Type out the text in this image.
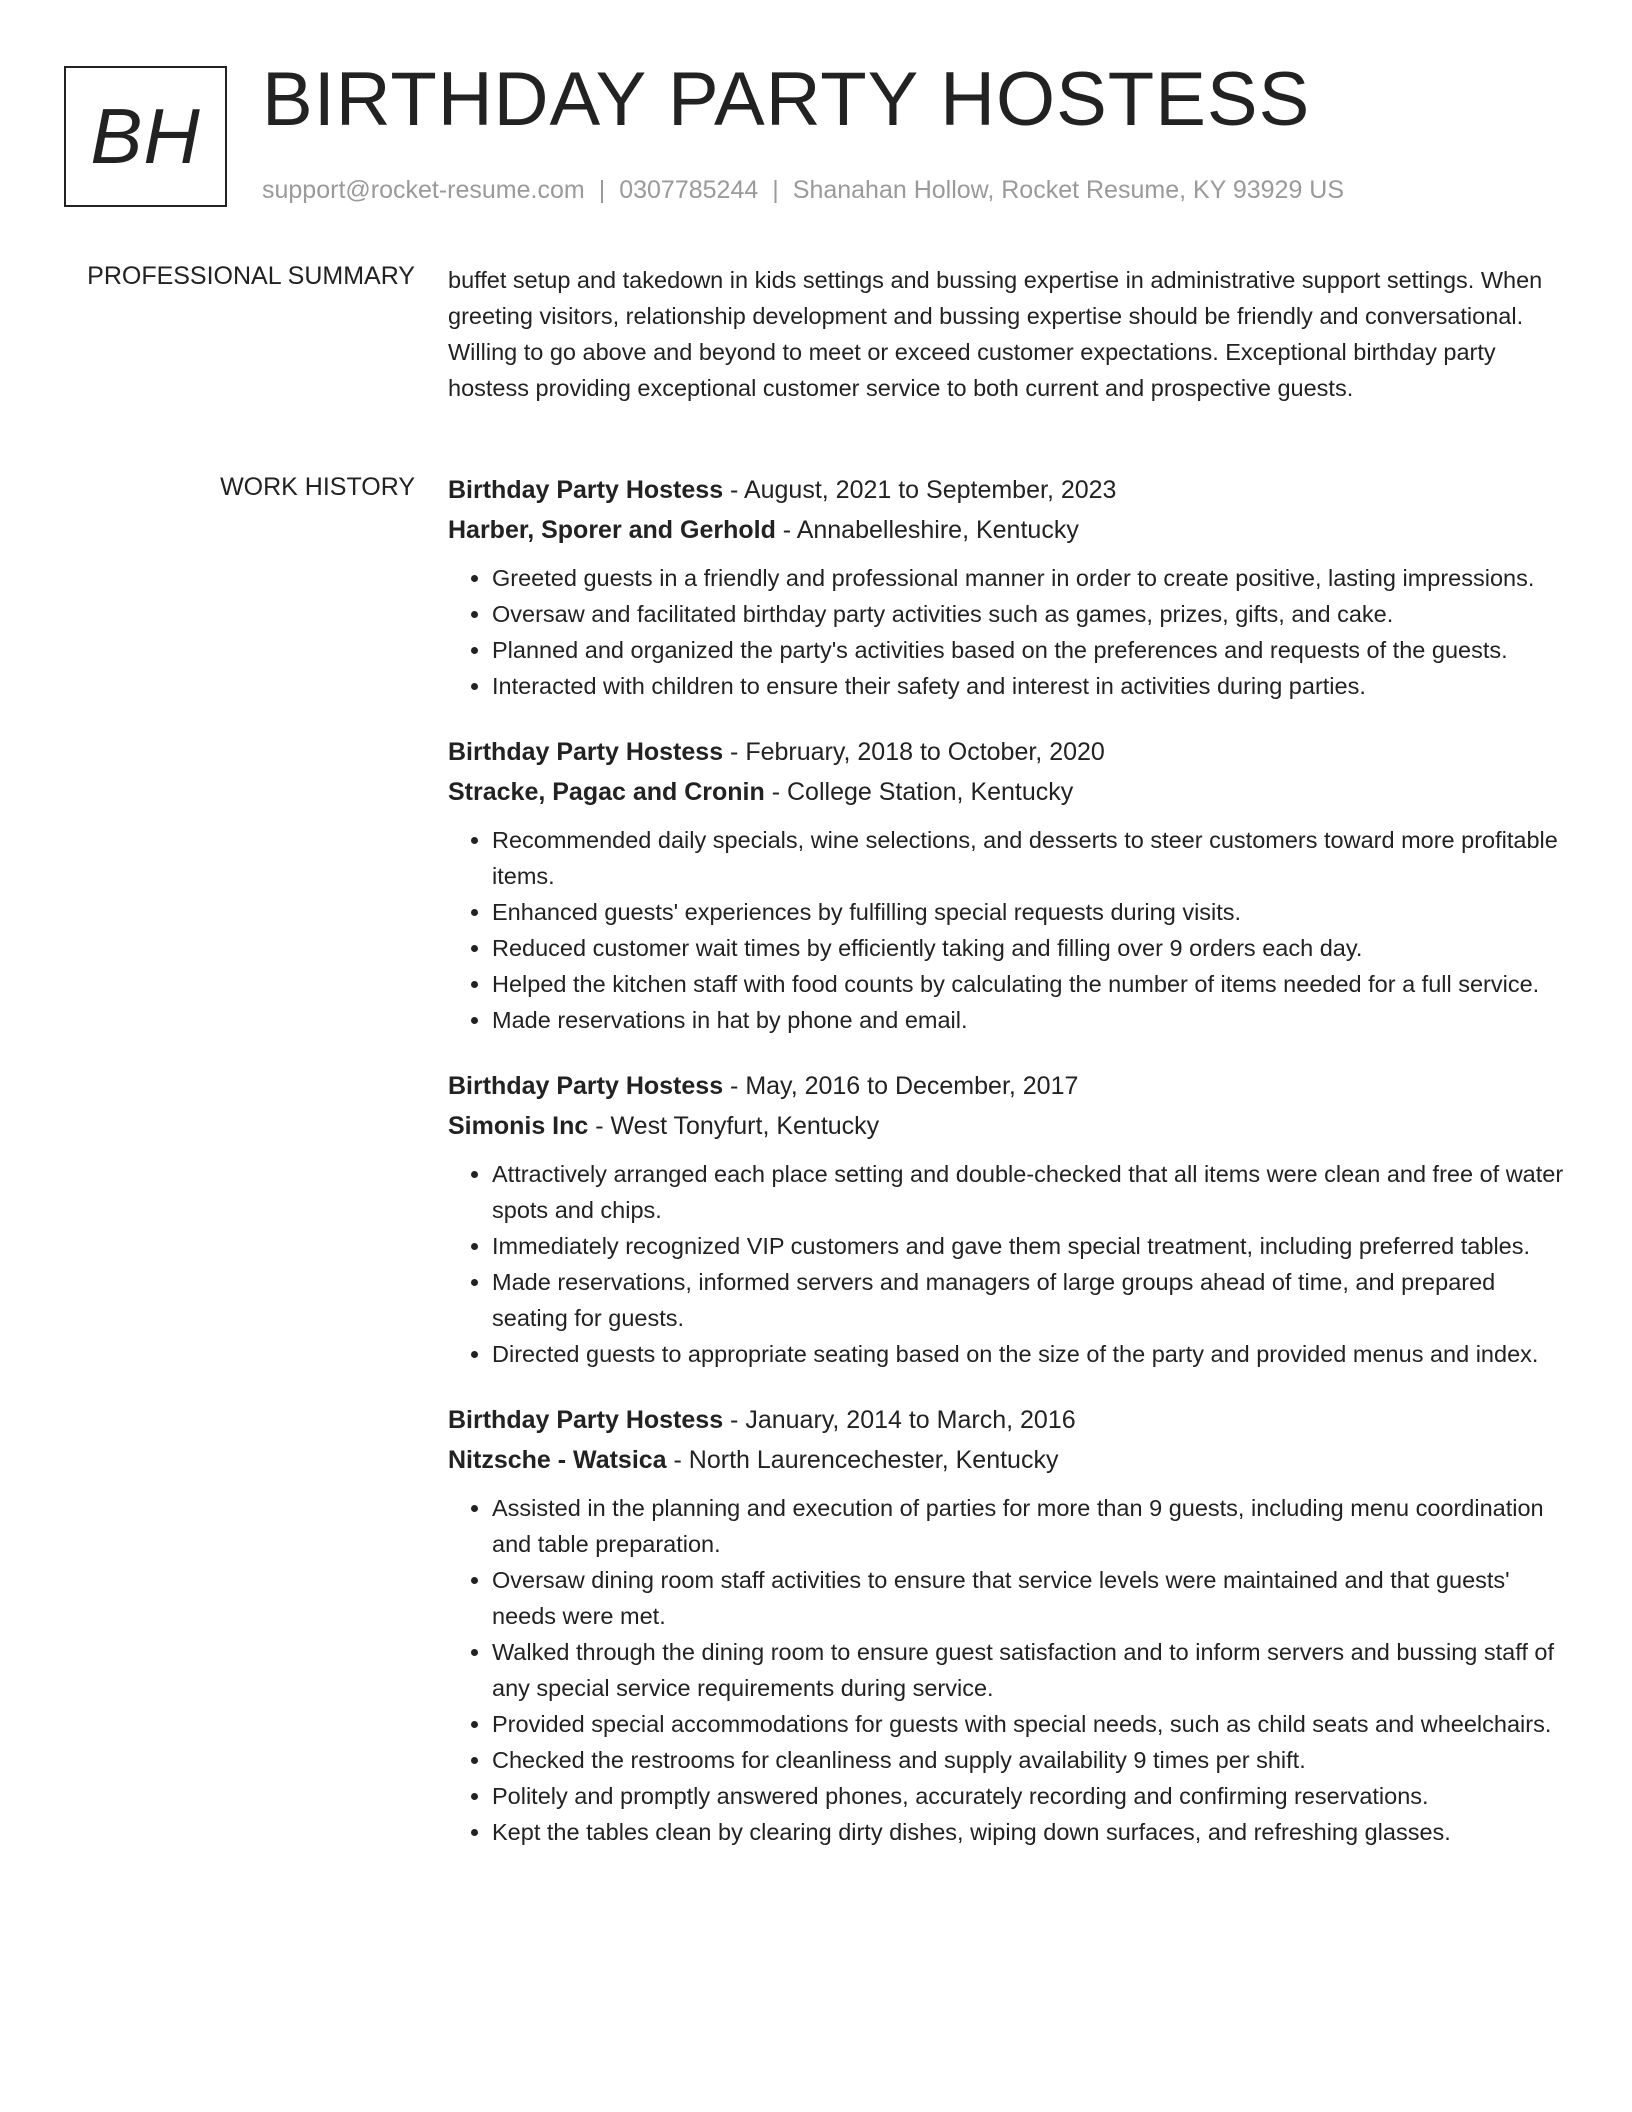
BH BIRTHDAY PARTY HOSTESS
support@rocket-resume.com | 0307785244 | Shanahan Hollow, Rocket Resume, KY 93929 US
PROFESSIONAL SUMMARY buffet setup and takedown in kids settings and bussing expertise in administrative support settings. When greeting visitors, relationship development and bussing expertise should be friendly and conversational. Willing to go above and beyond to meet or exceed customer expectations. Exceptional birthday party hostess providing exceptional customer service to both current and prospective guests.

WORK HISTORY Birthday Party Hostess - August, 2021 to September, 2023
Harber, Sporer and Gerhold - Annabelleshire, Kentucky
• Greeted guests in a friendly and professional manner in order to create positive, lasting impressions.
• Oversaw and facilitated birthday party activities such as games, prizes, gifts, and cake.
• Planned and organized the party's activities based on the preferences and requests of the guests.
• Interacted with children to ensure their safety and interest in activities during parties.
Birthday Party Hostess - February, 2018 to October, 2020
Stracke, Pagac and Cronin - College Station, Kentucky
• Recommended daily specials, wine selections, and desserts to steer customers toward more profitable items.
• Enhanced guests' experiences by fulfilling special requests during visits.
• Reduced customer wait times by efficiently taking and filling over 9 orders each day.
• Helped the kitchen staff with food counts by calculating the number of items needed for a full service.
• Made reservations in hat by phone and email.
Birthday Party Hostess - May, 2016 to December, 2017
Simonis Inc - West Tonyfurt, Kentucky
• Attractively arranged each place setting and double-checked that all items were clean and free of water spots and chips.
• Immediately recognized VIP customers and gave them special treatment, including preferred tables.
• Made reservations, informed servers and managers of large groups ahead of time, and prepared seating for guests.
• Directed guests to appropriate seating based on the size of the party and provided menus and index.
Birthday Party Hostess - January, 2014 to March, 2016
Nitzsche - Watsica - North Laurencechester, Kentucky
• Assisted in the planning and execution of parties for more than 9 guests, including menu coordination and table preparation.
• Oversaw dining room staff activities to ensure that service levels were maintained and that guests' needs were met.
• Walked through the dining room to ensure guest satisfaction and to inform servers and bussing staff of any special service requirements during service.
• Provided special accommodations for guests with special needs, such as child seats and wheelchairs.
• Checked the restrooms for cleanliness and supply availability 9 times per shift.
• Politely and promptly answered phones, accurately recording and confirming reservations.
• Kept the tables clean by clearing dirty dishes, wiping down surfaces, and refreshing glasses.
